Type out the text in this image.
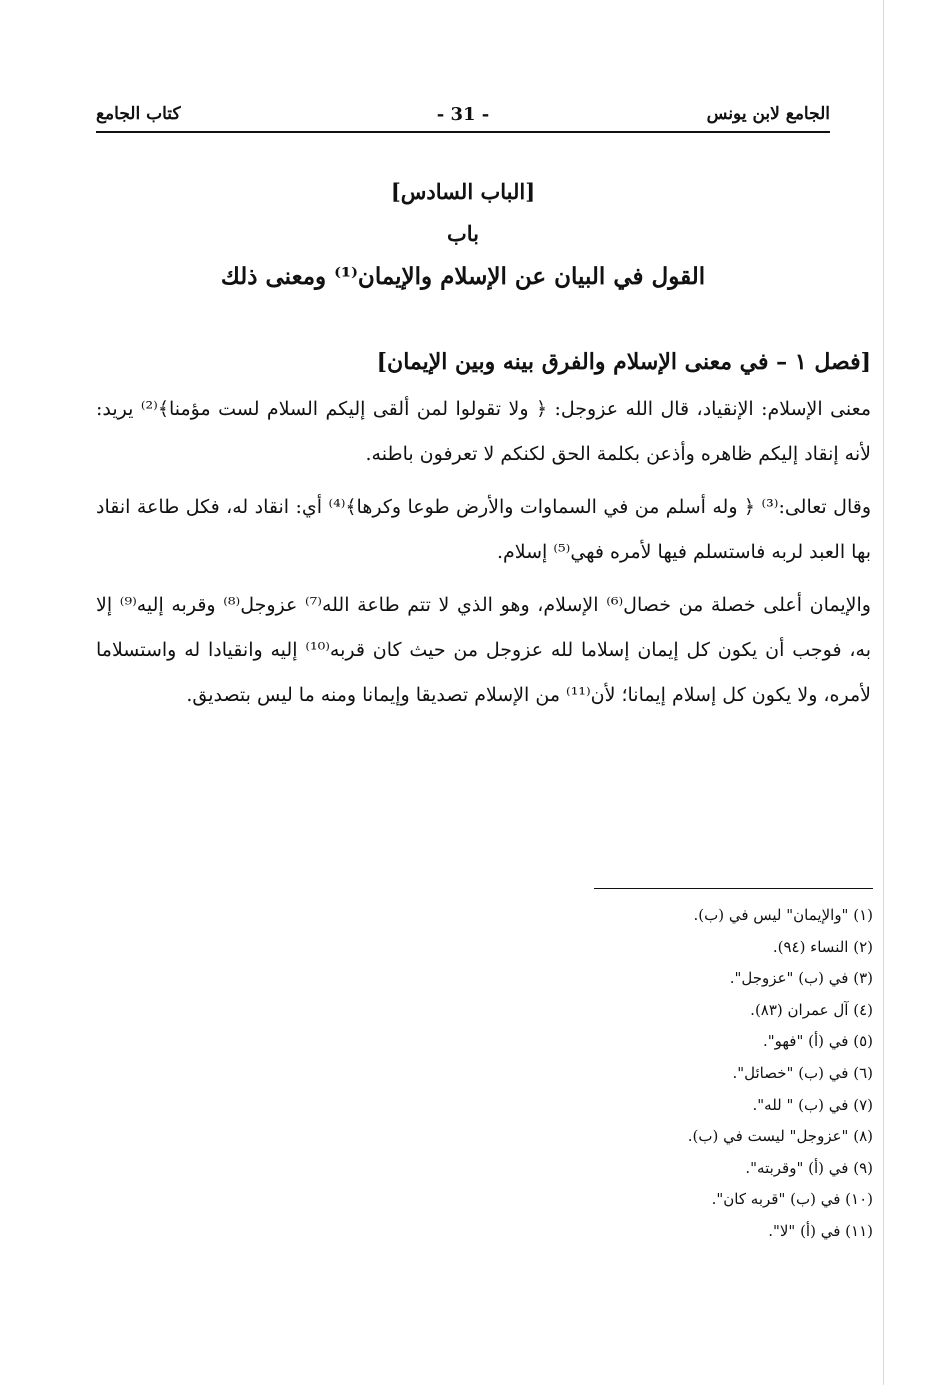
الجامع لابن يونس
- 31 -
كتاب الجامع
[الباب السادس]
باب
القول في البيان عن الإسلام والإيمان⁽¹⁾ ومعنى ذلك
[فصل ١ – في معنى الإسلام والفرق بينه وبين الإيمان]

معنى الإسلام: الإنقياد، قال الله عزوجل: ﴿ ولا تقولوا لمن ألقى إليكم السلام لست مؤمنا﴾⁽²⁾ يريد: لأنه إنقاد إليكم ظاهره وأذعن بكلمة الحق لكنكم لا تعرفون باطنه.

وقال تعالى:⁽³⁾ ﴿ وله أسلم من في السماوات والأرض طوعا وكرها﴾⁽⁴⁾ أي: انقاد له، فكل طاعة انقاد بها العبد لربه فاستسلم فيها لأمره فهي⁽⁵⁾ إسلام.

والإيمان أعلى خصلة من خصال⁽⁶⁾ الإسلام، وهو الذي لا تتم طاعة الله⁽⁷⁾ عزوجل⁽⁸⁾ وقربه إليه⁽⁹⁾ إلا به، فوجب أن يكون كل إيمان إسلاما لله عزوجل من حيث كان قربه⁽¹⁰⁾ إليه وانقيادا له واستسلاما لأمره، ولا يكون كل إسلام إيمانا؛ لأن⁽¹¹⁾ من الإسلام تصديقا وإيمانا ومنه ما ليس بتصديق.

(١) "والإيمان" ليس في (ب).
(٢) النساء (٩٤).
(٣) في (ب) "عزوجل".
(٤) آل عمران (٨٣).
(٥) في (أ) "فهو".
(٦) في (ب) "خصائل".
(٧) في (ب) " لله".
(٨) "عزوجل" ليست في (ب).
(٩) في (أ) "وقربته".
(١٠) في (ب) "قربه كان".
(١١) في (أ) "لا".
